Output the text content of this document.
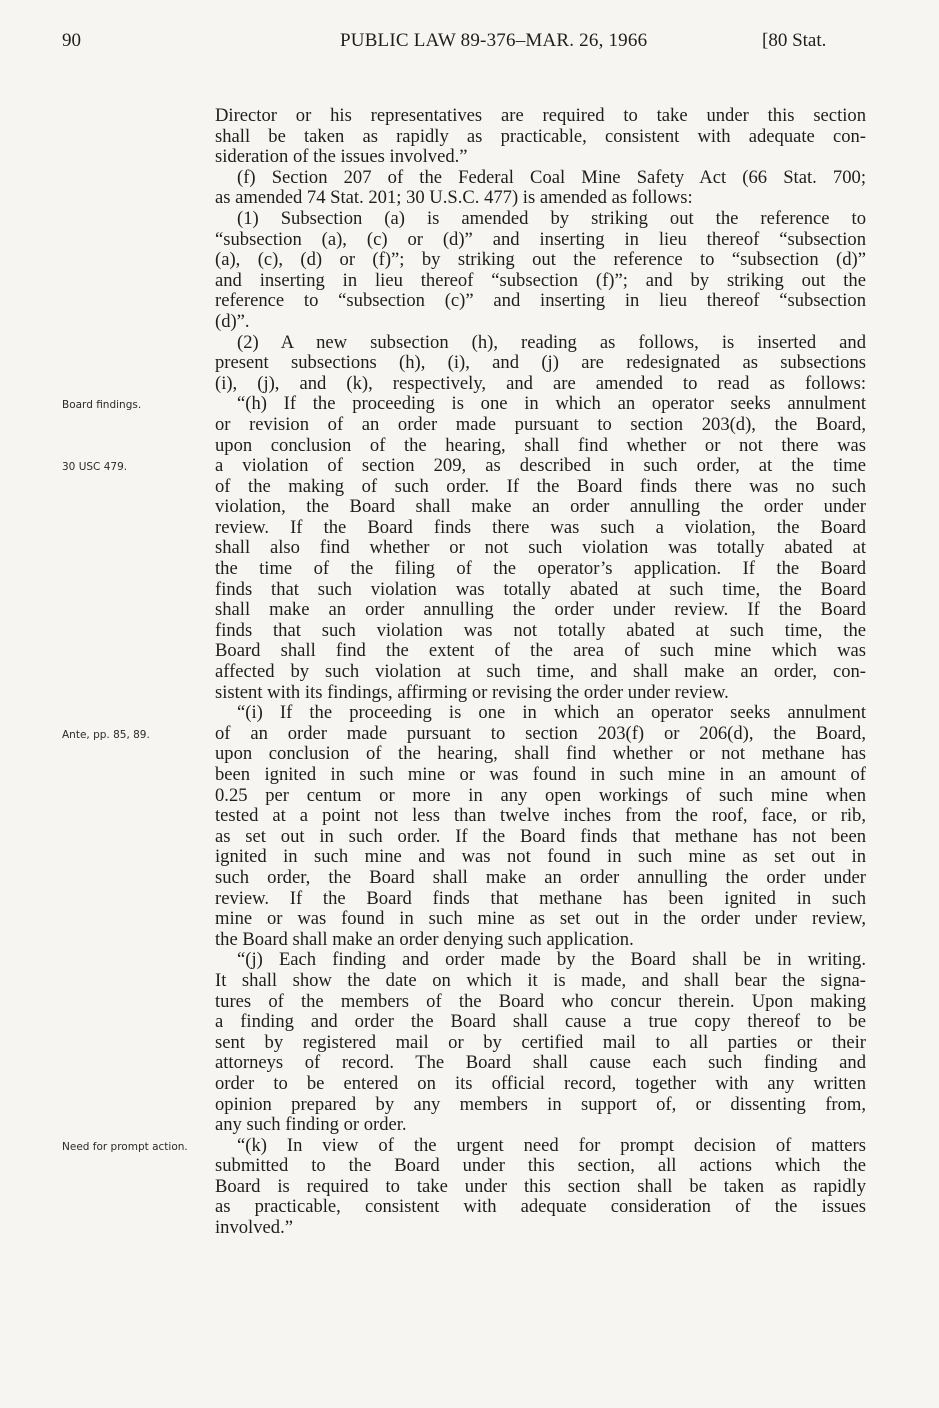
90	PUBLIC LAW 89-376–MAR. 26, 1966	[80 Stat.
Board findings.
30 USC 479.
Ante, pp. 85, 89.
Need for prompt action.
Director or his representatives are required to take under this section
shall be taken as rapidly as practicable, consistent with adequate con-
sideration of the issues involved.”
(f) Section 207 of the Federal Coal Mine Safety Act (66 Stat. 700;
as amended 74 Stat. 201; 30 U.S.C. 477) is amended as follows:
(1) Subsection (a) is amended by striking out the reference to
“subsection (a), (c) or (d)” and inserting in lieu thereof “subsection
(a), (c), (d) or (f)”; by striking out the reference to “subsection (d)”
and inserting in lieu thereof “subsection (f)”; and by striking out the
reference to “subsection (c)” and inserting in lieu thereof “subsection
(d)”.
(2) A new subsection (h), reading as follows, is inserted and
present subsections (h), (i), and (j) are redesignated as subsections
(i), (j), and (k), respectively, and are amended to read as follows:
“(h) If the proceeding is one in which an operator seeks annulment
or revision of an order made pursuant to section 203(d), the Board,
upon conclusion of the hearing, shall find whether or not there was
a violation of section 209, as described in such order, at the time
of the making of such order. If the Board finds there was no such
violation, the Board shall make an order annulling the order under
review. If the Board finds there was such a violation, the Board
shall also find whether or not such violation was totally abated at
the time of the filing of the operator’s application. If the Board
finds that such violation was totally abated at such time, the Board
shall make an order annulling the order under review. If the Board
finds that such violation was not totally abated at such time, the
Board shall find the extent of the area of such mine which was
affected by such violation at such time, and shall make an order, con-
sistent with its findings, affirming or revising the order under review.
“(i) If the proceeding is one in which an operator seeks annulment
of an order made pursuant to section 203(f) or 206(d), the Board,
upon conclusion of the hearing, shall find whether or not methane has
been ignited in such mine or was found in such mine in an amount of
0.25 per centum or more in any open workings of such mine when
tested at a point not less than twelve inches from the roof, face, or rib,
as set out in such order. If the Board finds that methane has not been
ignited in such mine and was not found in such mine as set out in
such order, the Board shall make an order annulling the order under
review. If the Board finds that methane has been ignited in such
mine or was found in such mine as set out in the order under review,
the Board shall make an order denying such application.
“(j) Each finding and order made by the Board shall be in writing.
It shall show the date on which it is made, and shall bear the signa-
tures of the members of the Board who concur therein. Upon making
a finding and order the Board shall cause a true copy thereof to be
sent by registered mail or by certified mail to all parties or their
attorneys of record. The Board shall cause each such finding and
order to be entered on its official record, together with any written
opinion prepared by any members in support of, or dissenting from,
any such finding or order.
“(k) In view of the urgent need for prompt decision of matters
submitted to the Board under this section, all actions which the
Board is required to take under this section shall be taken as rapidly
as practicable, consistent with adequate consideration of the issues
involved.”
